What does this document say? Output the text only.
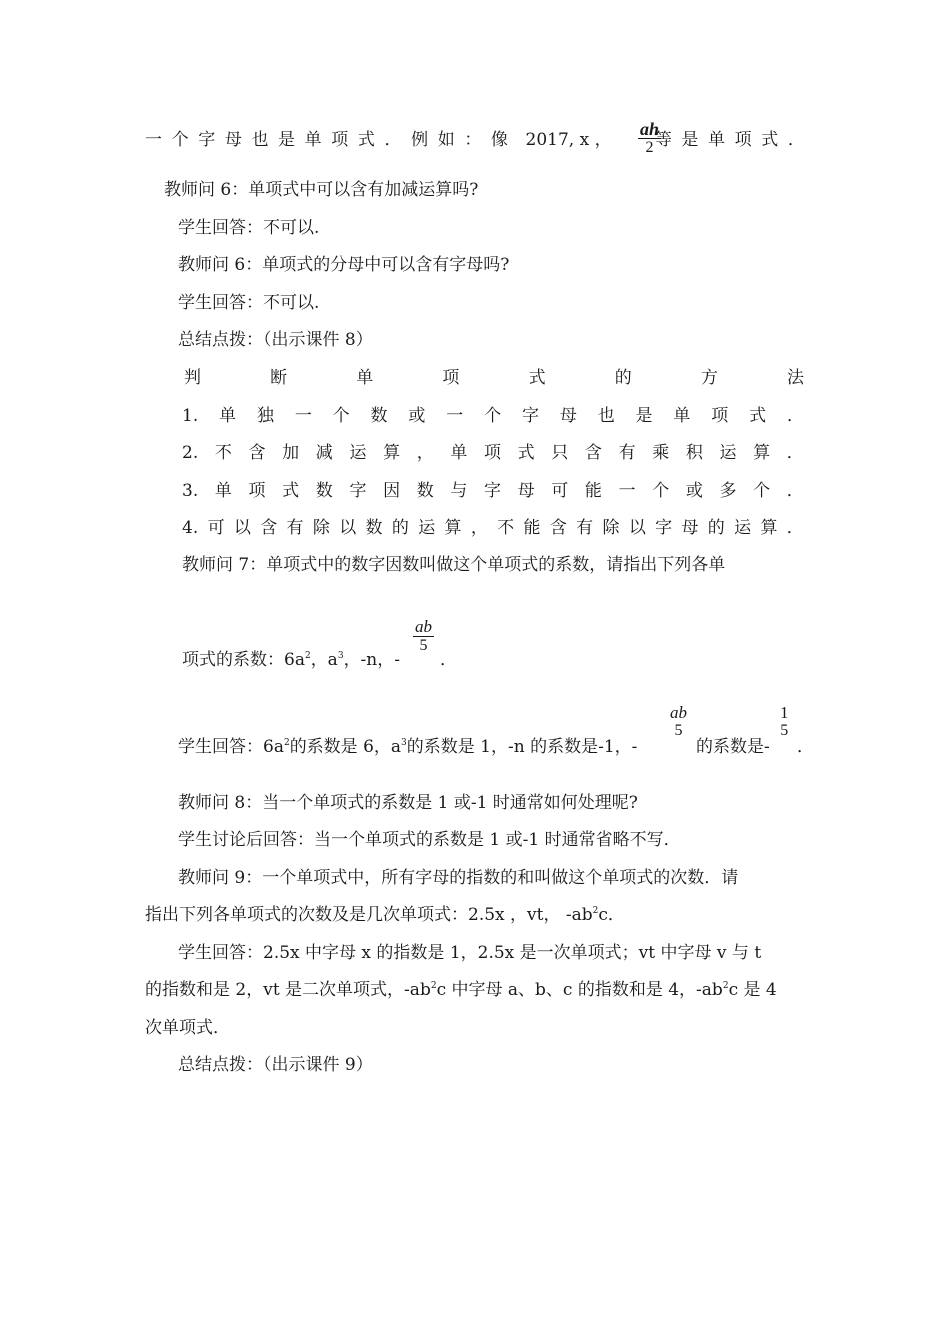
一 个 字 母 也 是 单 项 式 ． 例 如 ： 像	2017, x ，	等 是 单 项 式 ．
$\frac{ah}{2}$
教师问 6：单项式中可以含有加减运算吗?
学生回答：不可以.
教师问 6：单项式的分母中可以含有字母吗?
学生回答：不可以.
总结点拨：（出示课件 8）
判	断	单	项	式	的	方	法
1. 单 独 一 个 数 或 一 个 字 母 也 是 单 项 式 ．
2. 不 含 加 减 运 算 ， 单 项 式 只 含 有 乘 积 运 算 ．
3. 单 项 式 数 字 因 数 与 字 母 可 能 一 个 或 多 个 ．
4. 可 以 含 有 除 以 数 的 运 算 ， 不 能 含 有 除 以 字 母 的 运 算 ．
教师问 7：单项式中的数字因数叫做这个单项式的系数，请指出下列各单
项式的系数：$6a^2$，$a^3$，-n，-
$\frac{ab}{5}$
．
学生回答：$6a^2$的系数是 6，$a^3$的系数是 1，-n 的系数是-1，-
ab
5
的系数是-
1
5
．
教师问 8：当一个单项式的系数是 1 或-1 时通常如何处理呢?
学生讨论后回答：当一个单项式的系数是 1 或-1 时通常省略不写．
教师问 9：一个单项式中，所有字母的指数的和叫做这个单项式的次数．请
指出下列各单项式的次数及是几次单项式：2.5x ，vt， $-ab^2c$．
学生回答：2.5x 中字母 x 的指数是 1，2.5x 是一次单项式；vt 中字母 v 与 t
的指数和是 2，vt 是二次单项式，$-ab^2c$ 中字母 a、b、c 的指数和是 4，$-ab^2c$ 是 4
次单项式．
总结点拨：（出示课件 9）
